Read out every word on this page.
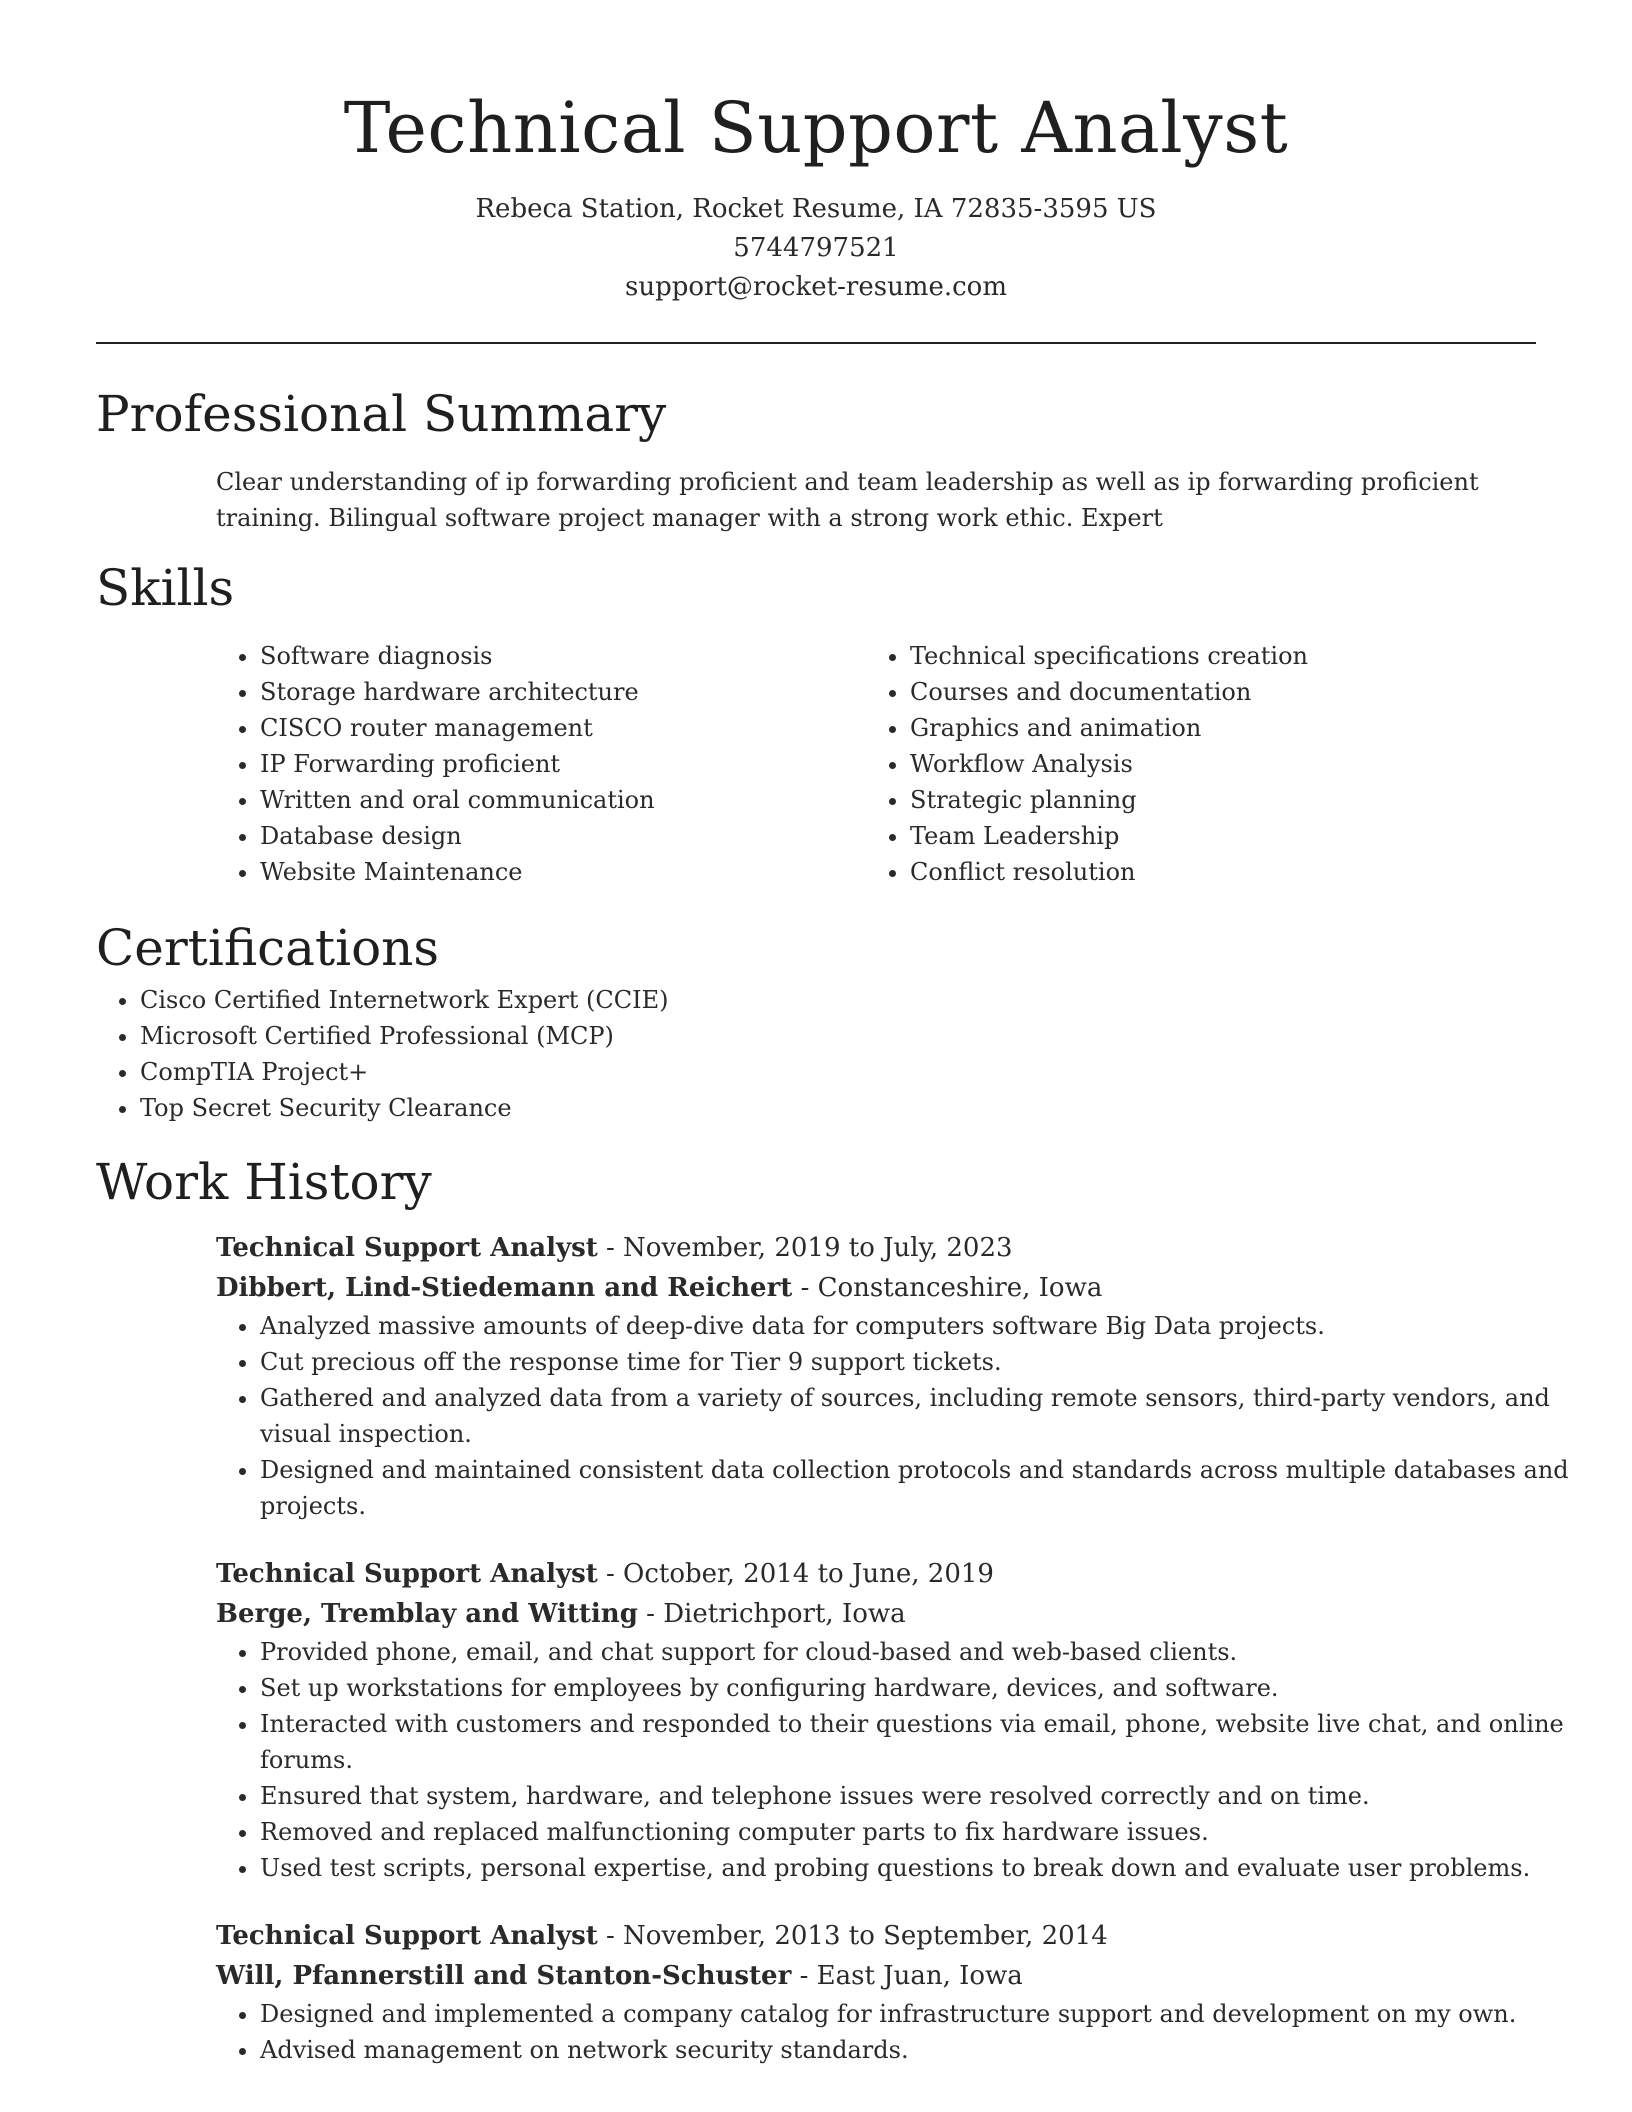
Technical Support Analyst
Rebeca Station, Rocket Resume, IA 72835-3595 US
5744797521
support@rocket-resume.com
Professional Summary
Clear understanding of ip forwarding proficient and team leadership as well as ip forwarding proficient training. Bilingual software project manager with a strong work ethic. Expert
Skills
• Software diagnosis
• Storage hardware architecture
• CISCO router management
• IP Forwarding proficient
• Written and oral communication
• Database design
• Website Maintenance
• Technical specifications creation
• Courses and documentation
• Graphics and animation
• Workflow Analysis
• Strategic planning
• Team Leadership
• Conflict resolution
Certifications
• Cisco Certified Internetwork Expert (CCIE)
• Microsoft Certified Professional (MCP)
• CompTIA Project+
• Top Secret Security Clearance
Work History
Technical Support Analyst - November, 2019 to July, 2023
Dibbert, Lind-Stiedemann and Reichert - Constanceshire, Iowa
• Analyzed massive amounts of deep-dive data for computers software Big Data projects.
• Cut precious off the response time for Tier 9 support tickets.
• Gathered and analyzed data from a variety of sources, including remote sensors, third-party vendors, and visual inspection.
• Designed and maintained consistent data collection protocols and standards across multiple databases and projects.
Technical Support Analyst - October, 2014 to June, 2019
Berge, Tremblay and Witting - Dietrichport, Iowa
• Provided phone, email, and chat support for cloud-based and web-based clients.
• Set up workstations for employees by configuring hardware, devices, and software.
• Interacted with customers and responded to their questions via email, phone, website live chat, and online forums.
• Ensured that system, hardware, and telephone issues were resolved correctly and on time.
• Removed and replaced malfunctioning computer parts to fix hardware issues.
• Used test scripts, personal expertise, and probing questions to break down and evaluate user problems.
Technical Support Analyst - November, 2013 to September, 2014
Will, Pfannerstill and Stanton-Schuster - East Juan, Iowa
• Designed and implemented a company catalog for infrastructure support and development on my own.
• Advised management on network security standards.
